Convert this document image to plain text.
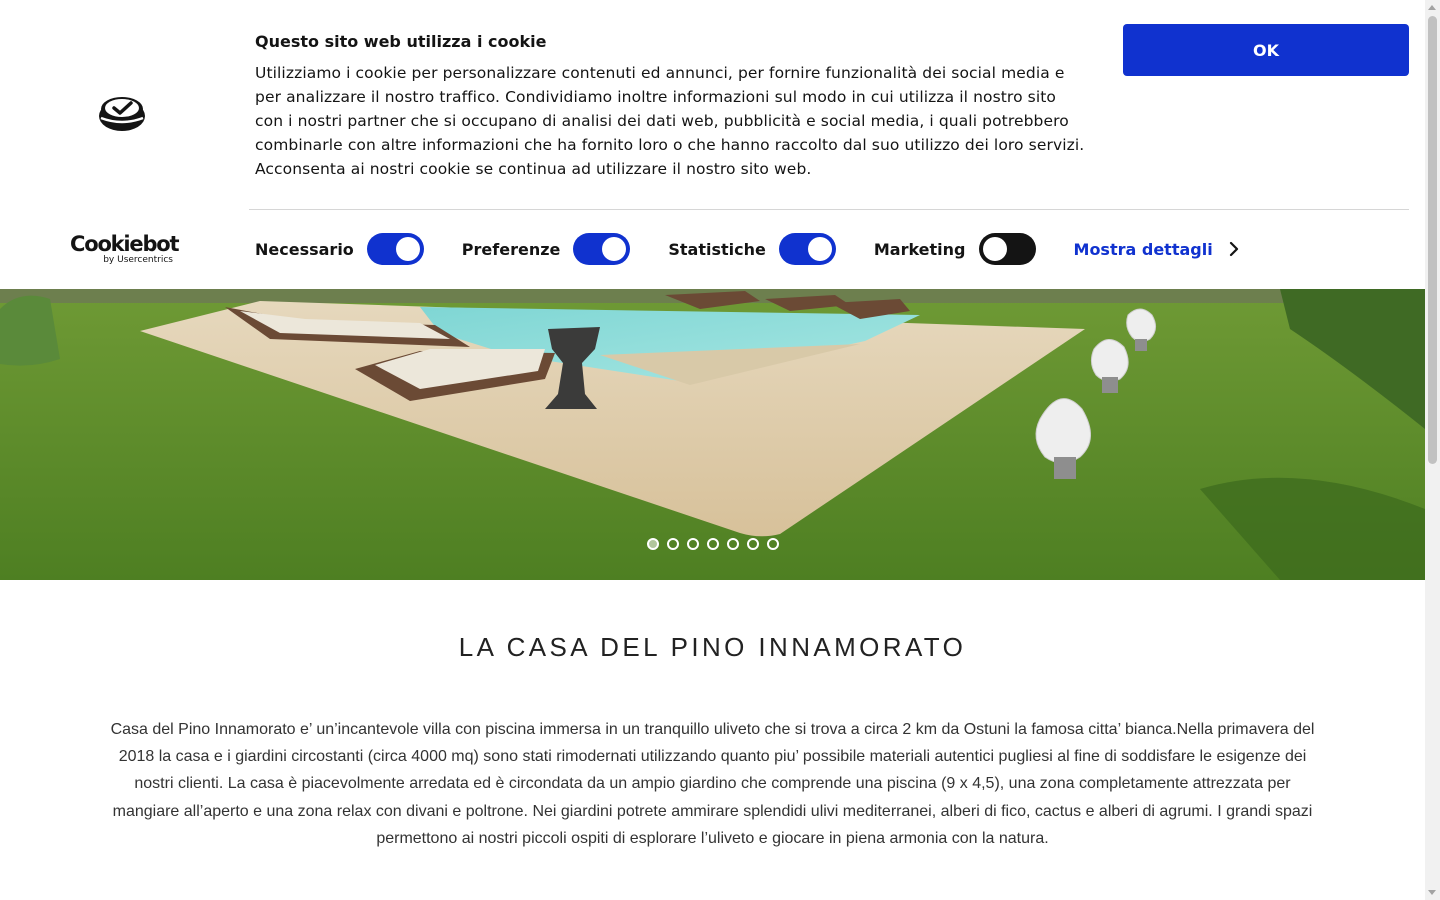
Questo sito web utilizza i cookie
Utilizziamo i cookie per personalizzare contenuti ed annunci, per fornire funzionalità dei social media e per analizzare il nostro traffico. Condividiamo inoltre informazioni sul modo in cui utilizza il nostro sito con i nostri partner che si occupano di analisi dei dati web, pubblicità e social media, i quali potrebbero combinarle con altre informazioni che ha fornito loro o che hanno raccolto dal suo utilizzo dei loro servizi. Acconsenta ai nostri cookie se continua ad utilizzare il nostro sito web.
OK
Cookiebot
by Usercentrics
Necessario	Preferenze	Statistiche	Marketing	Mostra dettagli
LA CASA DEL PINO INNAMORATO

Casa del Pino Innamorato e’ un’incantevole villa con piscina immersa in un tranquillo uliveto che si trova a circa 2 km da Ostuni la famosa citta’ bianca.Nella primavera del 2018 la casa e i giardini circostanti (circa 4000 mq) sono stati rimodernati utilizzando quanto piu’ possibile materiali autentici pugliesi al fine di soddisfare le esigenze dei nostri clienti. La casa è piacevolmente arredata ed è circondata da un ampio giardino che comprende una piscina (9 x 4,5), una zona completamente attrezzata per mangiare all’aperto e una zona relax con divani e poltrone. Nei giardini potrete ammirare splendidi ulivi mediterranei, alberi di fico, cactus e alberi di agrumi. I grandi spazi permettono ai nostri piccoli ospiti di esplorare l’uliveto e giocare in piena armonia con la natura.
